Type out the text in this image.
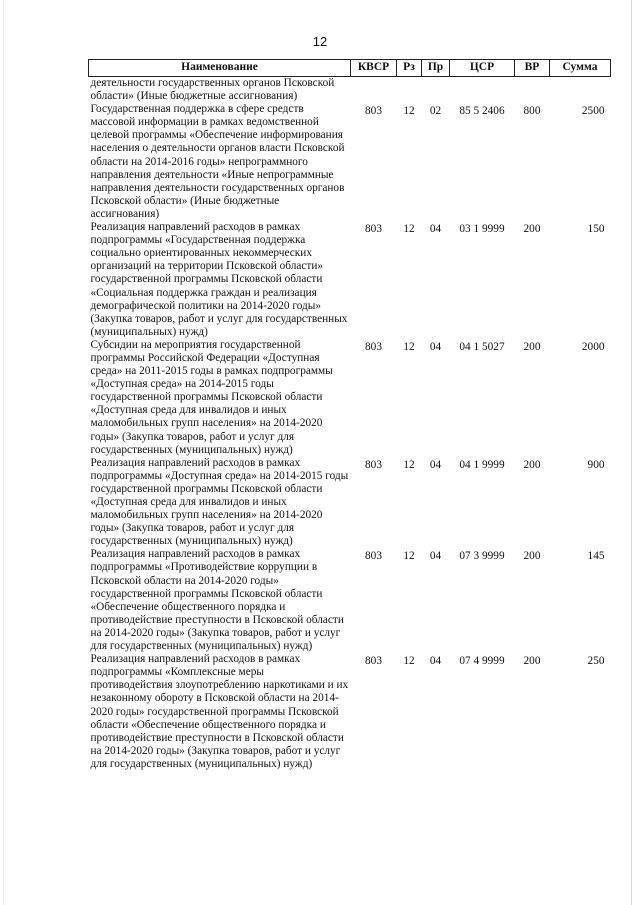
12
Наименование	КВСР	Рз	Пр	ЦСР	ВР	Сумма
деятельности государственных органов Псковской области» (Иные бюджетные ассигнования)						
Государственная поддержка в сфере средств массовой информации в рамках ведомственной целевой программы «Обеспечение информирования населения о деятельности органов власти Псковской области на 2014-2016 годы» непрограммного направления деятельности «Иные непрограммные направления деятельности государственных органов Псковской области» (Иные бюджетные ассигнования)	803	12	02	85 5 2406	800	2500
Реализация направлений расходов в рамках подпрограммы «Государственная поддержка социально ориентированных некоммерческих организаций на территории Псковской области» государственной программы Псковской области «Социальная поддержка граждан и реализация демографической политики на 2014-2020 годы» (Закупка товаров, работ и услуг для государственных (муниципальных) нужд)	803	12	04	03 1 9999	200	150
Субсидии на мероприятия государственной программы Российской Федерации «Доступная среда» на 2011-2015 годы в рамках подпрограммы «Доступная среда» на 2014-2015 годы государственной программы Псковской области «Доступная среда для инвалидов и иных маломобильных групп населения» на 2014-2020 годы» (Закупка товаров, работ и услуг для государственных (муниципальных) нужд)	803	12	04	04 1 5027	200	2000
Реализация направлений расходов в рамках подпрограммы «Доступная среда» на 2014-2015 годы государственной программы Псковской области «Доступная среда для инвалидов и иных маломобильных групп населения» на 2014-2020 годы» (Закупка товаров, работ и услуг для государственных (муниципальных) нужд)	803	12	04	04 1 9999	200	900
Реализация направлений расходов в рамках подпрограммы «Противодействие коррупции в Псковской области на 2014-2020 годы» государственной программы Псковской области «Обеспечение общественного порядка и противодействие преступности в Псковской области на 2014-2020 годы» (Закупка товаров, работ и услуг для государственных (муниципальных) нужд)	803	12	04	07 3 9999	200	145
Реализация направлений расходов в рамках подпрограммы «Комплексные меры противодействия злоупотреблению наркотиками и их незаконному обороту в Псковской области на 2014-2020 годы» государственной программы Псковской области «Обеспечение общественного порядка и противодействие преступности в Псковской области на 2014-2020 годы» (Закупка товаров, работ и услуг для государственных (муниципальных) нужд)	803	12	04	07 4 9999	200	250
